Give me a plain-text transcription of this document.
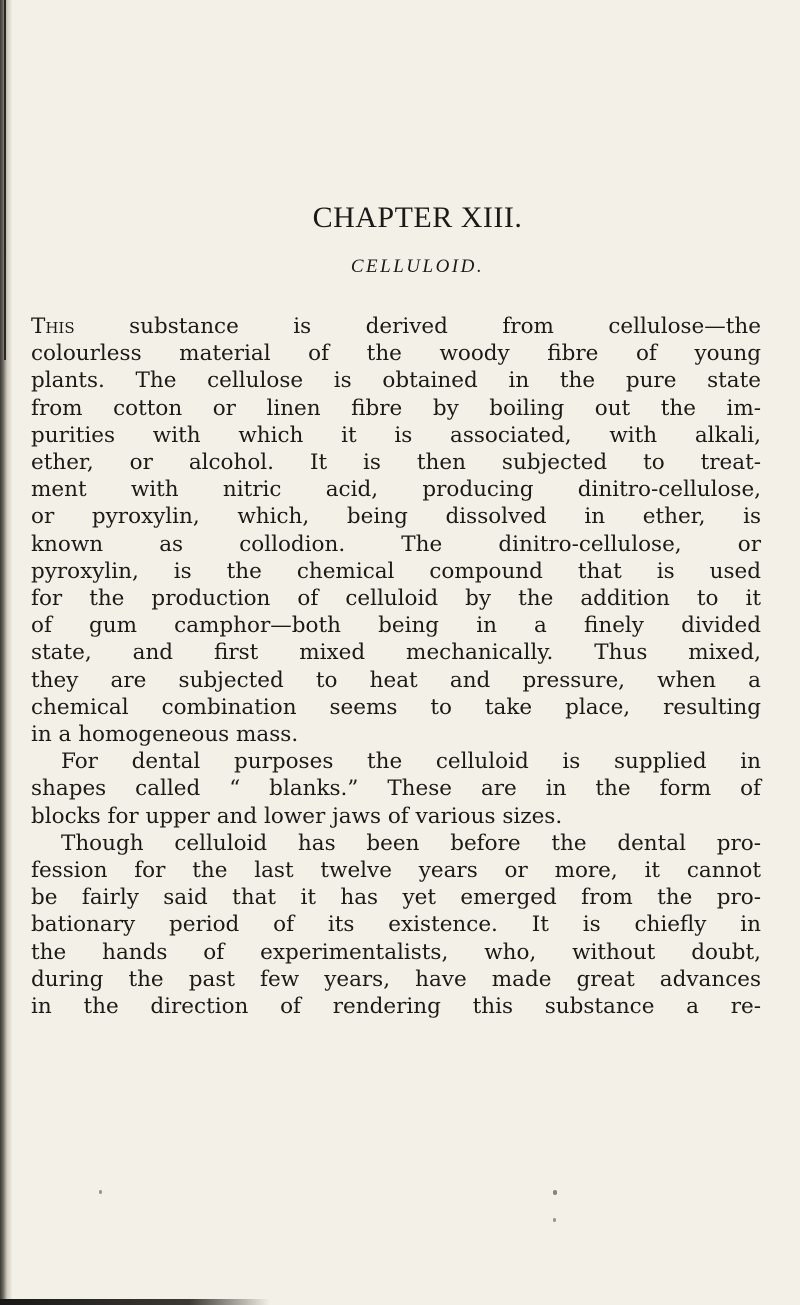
CHAPTER XIII.
CELLULOID.
This substance is derived from cellulose—the
colourless material of the woody fibre of young
plants. The cellulose is obtained in the pure state
from cotton or linen fibre by boiling out the im-
purities with which it is associated, with alkali,
ether, or alcohol. It is then subjected to treat-
ment with nitric acid, producing dinitro-cellulose,
or pyroxylin, which, being dissolved in ether, is
known as collodion. The dinitro-cellulose, or
pyroxylin, is the chemical compound that is used
for the production of celluloid by the addition to it
of gum camphor—both being in a finely divided
state, and first mixed mechanically. Thus mixed,
they are subjected to heat and pressure, when a
chemical combination seems to take place, resulting
in a homogeneous mass.
For dental purposes the celluloid is supplied in
shapes called “ blanks.” These are in the form of
blocks for upper and lower jaws of various sizes.
Though celluloid has been before the dental pro-
fession for the last twelve years or more, it cannot
be fairly said that it has yet emerged from the pro-
bationary period of its existence. It is chiefly in
the hands of experimentalists, who, without doubt,
during the past few years, have made great advances
in the direction of rendering this substance a re-
